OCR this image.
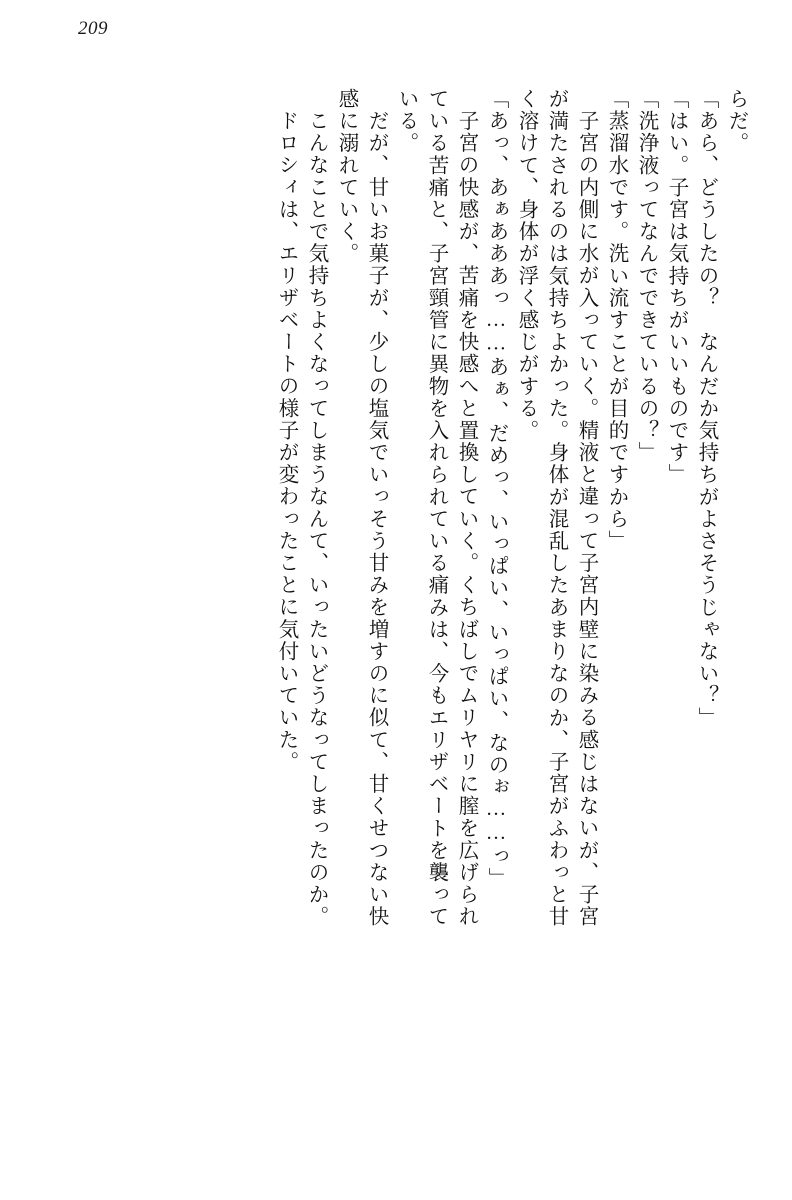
209
らだ。
「あら、どうしたの？　なんだか気持ちがよさそうじゃない？」
「はい。子宮は気持ちがいいものです」
「洗浄液ってなんでできているの？」
「蒸溜水です。洗い流すことが目的ですから」
子宮の内側に水が入っていく。精液と違って子宮内壁に染みる感じはないが、子宮
が満たされるのは気持ちよかった。身体が混乱したあまりなのか、子宮がふわっと甘
く溶けて、身体が浮く感じがする。
「あっ、あぁあああっ……あぁ、だめっ、いっぱい、いっぱい、なのぉ……っ」
子宮の快感が、苦痛を快感へと置換していく。くちばしでムリヤリに膣を広げられ
ている苦痛と、子宮頸管に異物を入れられている痛みは、今もエリザベートを襲って
いる。
だが、甘いお菓子が、少しの塩気でいっそう甘みを増すのに似て、甘くせつない快
感に溺れていく。
こんなことで気持ちよくなってしまうなんて、いったいどうなってしまったのか。
ドロシィは、エリザベートの様子が変わったことに気付いていた。
